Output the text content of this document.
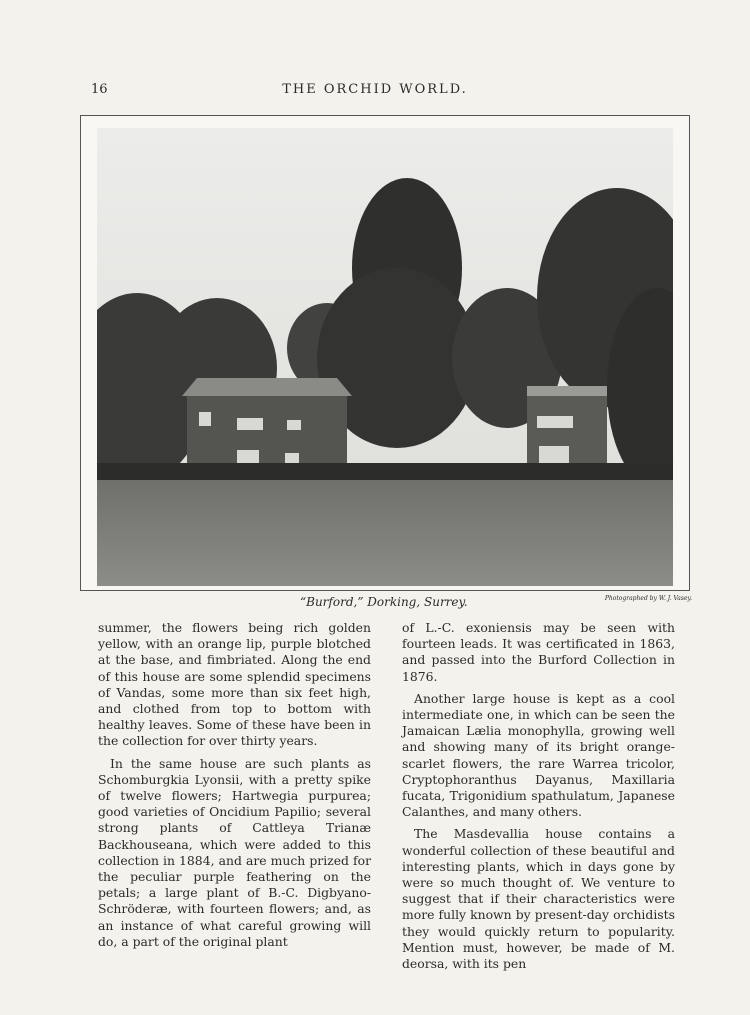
16	THE ORCHID WORLD.
“Burford,” Dorking, Surrey.	Photographed by W. J. Vasey.

summer, the flowers being rich golden yellow, with an orange lip, purple blotched at the base, and fimbriated. Along the end of this house are some splendid specimens of Vandas, some more than six feet high, and clothed from top to bottom with healthy leaves. Some of these have been in the collection for over thirty years.

In the same house are such plants as Schomburgkia Lyonsii, with a pretty spike of twelve flowers; Hartwegia purpurea; good varieties of Oncidium Papilio; several strong plants of Cattleya Trianæ Backhouseana, which were added to this collection in 1884, and are much prized for the peculiar purple feathering on the petals; a large plant of B.-C. Digbyano-Schröderæ, with fourteen flowers; and, as an instance of what careful growing will do, a part of the original plant

of L.-C. exoniensis may be seen with fourteen leads. It was certificated in 1863, and passed into the Burford Collection in 1876.

Another large house is kept as a cool intermediate one, in which can be seen the Jamaican Lælia monophylla, growing well and showing many of its bright orange-scarlet flowers, the rare Warrea tricolor, Cryptophoranthus Dayanus, Maxillaria fucata, Trigonidium spathulatum, Japanese Calanthes, and many others.

The Masdevallia house contains a wonderful collection of these beautiful and interesting plants, which in days gone by were so much thought of. We venture to suggest that if their characteristics were more fully known by present-day orchidists they would quickly return to popularity. Mention must, however, be made of M. deorsa, with its pen
